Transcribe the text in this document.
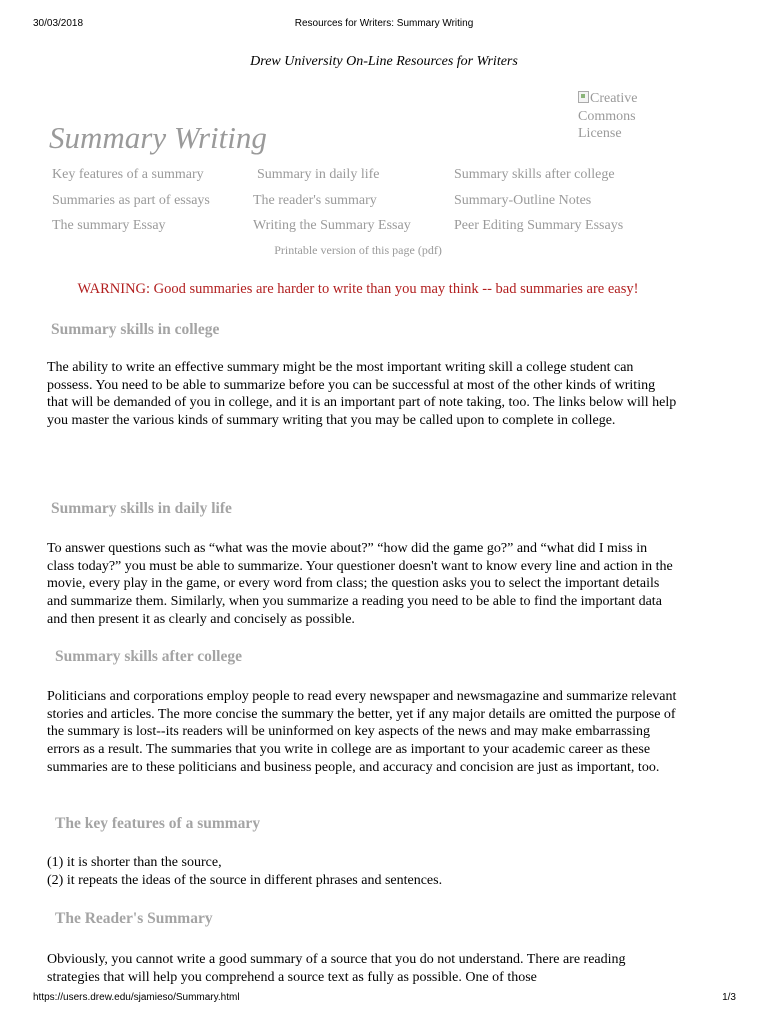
Resources for Writers: Summary Writing
30/03/2018
Drew University On-Line Resources for Writers
Summary Writing
Creative Commons License
Key features of a summary	Summary in daily life	Summary skills after college
Summaries as part of essays	The reader's summary	Summary-Outline Notes
The summary Essay	Writing the Summary Essay	Peer Editing Summary Essays
Printable version of this page (pdf)
WARNING: Good summaries are harder to write than you may think -- bad summaries are easy!
Summary skills in college

The ability to write an effective summary might be the most important writing skill a college student can possess. You need to be able to summarize before you can be successful at most of the other kinds of writing that will be demanded of you in college, and it is an important part of note taking, too. The links below will help you master the various kinds of summary writing that you may be called upon to complete in college.

Summary skills in daily life

To answer questions such as “what was the movie about?” “how did the game go?” and “what did I miss in class today?” you must be able to summarize. Your questioner doesn't want to know every line and action in the movie, every play in the game, or every word from class; the question asks you to select the important details and summarize them. Similarly, when you summarize a reading you need to be able to find the important data and then present it as clearly and concisely as possible.

Summary skills after college

Politicians and corporations employ people to read every newspaper and newsmagazine and summarize relevant stories and articles. The more concise the summary the better, yet if any major details are omitted the purpose of the summary is lost--its readers will be uninformed on key aspects of the news and may make embarrassing errors as a result. The summaries that you write in college are as important to your academic career as these summaries are to these politicians and business people, and accuracy and concision are just as important, too.

The key features of a summary
(1) it is shorter than the source,
(2) it repeats the ideas of the source in different phrases and sentences.
The Reader's Summary

Obviously, you cannot write a good summary of a source that you do not understand. There are reading strategies that will help you comprehend a source text as fully as possible. One of those

https://users.drew.edu/sjamieso/Summary.html	1/3
